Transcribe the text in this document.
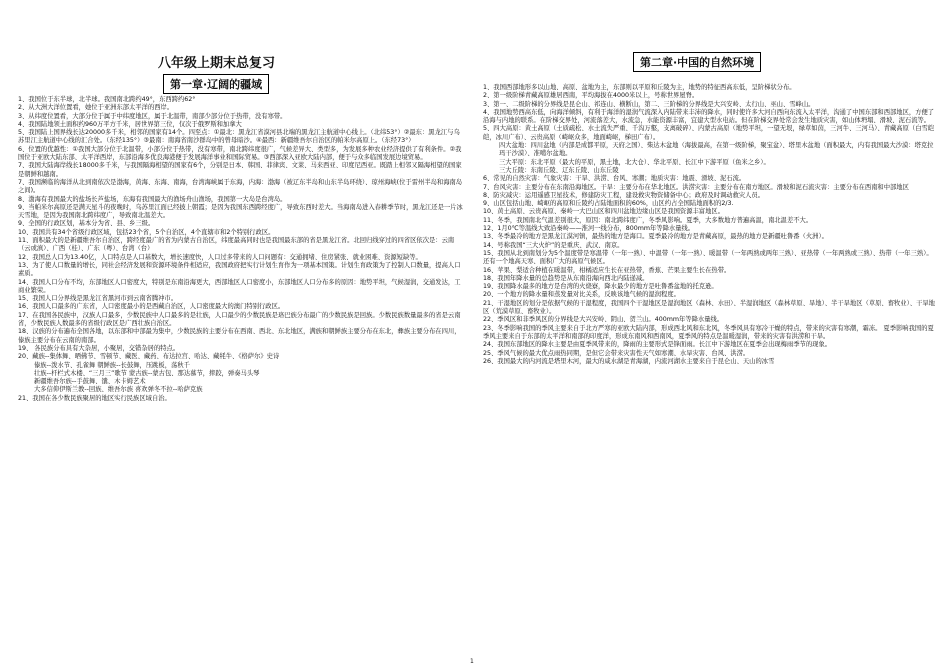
八年级上期末总复习
第一章·辽阔的疆域

1、我国位于东半球，北半球。我国南北跨约49°，东西跨约62°

2、从大洲大洋位置看，她位于亚洲东部太平洋的西岸。

3、从纬度位置看，大部分位于属于中纬度地区，属于北温带，南部少部分位于热带，没有寒带。

4、我国陆地领土面积约960万平方千米，居世界第三位，仅次于俄罗斯和加拿大

5、我国陆上国界线长达20000多千米，相邻的国家有14个。四至点：①最北：黑龙江省漠河县北端的黑龙江主航道中心线上。（北纬53°）②最东：黑龙江与乌苏里江主航道中心线的汇合处。（东经135°）③最南：南海省南沙群岛中的曾母暗沙。④最西：新疆维吾尔自治区的帕米尔高原上。（东经73°）

6、位置的优越性：①我国大部分位于北温带，小部分位于热带，没有寒带，南北跨纬度很广，气候差异大、类型多，为发展多种农业经济提供了有利条件。②我国位于亚欧大陆东部、太平洋西岸，东部沿海多优良海港便于发展海洋事业和国际贸易。③西部深入亚欧大陆内部，便于与众多临国发展边境贸易。

7、我国大陆海岸线长18000多千米，与我国隔海相望的国家有6个，分别是日本、韩国、菲律宾、文莱、马来西亚、印度尼西亚。既踏上相邻又隔海相望的国家是朝鲜和越南。

7、我国濒临的海洋从北到南依次是渤海，黄海、东海、南海，台湾海峡属于东海，内海：渤海（被辽东半岛和山东半岛环绕）、琼州海峡(位于雷州半岛和海南岛之间)。

8、渤海有我国最大的盐场长芦盐场，东海有我国最大的渔场舟山渔场，我国第一大岛是台湾岛。

9、当帕米尔高原还是满天星斗的夜晚时，乌苏里江面已经披上朝霞；是因为我国东西跨经度广，导致东西时差大。当海南岛进入春耕季节时，黑龙江还是一片冰天雪地，是因为我国南北跨纬度广，导致南北温差大。

9、全国的行政区划，基本分为省、县、乡三级。

10、我国共有34个省级行政区域，包括23个省，5个自治区，4个直辖市和2个特别行政区。

11、面积最大的是新疆维吾尔自治区，跨经度最广的省为内蒙古自治区，纬度最高同时也是我国最东部的省是黑龙江省。北回归线穿过的四省区依次是：云南（云或滇）、广西（桂）、广东（粤）、台湾（台）

12、我国总人口为13.40亿，人口特点是人口基数大，增长速度快，人口过多带来的人口问题有：交通拥堵、住房紧张、就业困难、资源短缺等。

13、为了使人口数量的增长，同社会经济发展和资源环境条件相适应，我国政府把实行计划生育作为一项基本国策。计划生育政策为了控制人口数量，提高人口素质。

14、我国人口分布不均，东部地区人口密度大，特别是东南沿海更大，西部地区人口密度小，东部地区人口分布多的原因：地势平坦，气候湿润，交通发达，工商业繁荣。

15、我国人口分界线是黑龙江省黑河市到云南省腾冲市。

16、我国人口最多的广东省，人口密度最小的是西藏自治区，人口密度最大的澳门特别行政区。

17、在我国各民族中，汉族人口最多，少数民族中人口最多的是壮族，人口最少的少数民族是珞巴族分布最广的少数民族是回族。少数民族数量最多的省是云南省，少数民族人数最多的省级行政区是广西壮族自治区。

18、汉族的分布遍布全国各地，以东部和中部最为集中，少数民族的主要分布在西南、西北、东北地区，满族和朝鲜族主要分布在东北，彝族主要分布在四川，傣族主要分布在云南的南部。

19、 各民族分布具有大杂居，小聚居，交错杂居的特点。

20、藏族--集体舞、晒佛节、雪顿节、藏医、藏药、布达拉宫、哈达、藏牦牛、《格萨尔》史诗

傣族--泼水节、孔雀舞 朝鲜族--长鼓舞，压跳板，荡秋千

壮族--杆栏式木楼、“三月三”歌节 蒙古族--蒙古包、那达慕节，摔跤，弹奏马头琴

新疆维吾尔族--手鼓舞、馕、木卡姆艺术

大多信仰伊斯兰教--回族、维吾尔族 喜欢弹冬不拉--哈萨克族

21、我国在各少数民族聚居的地区实行民族区域自治。

第二章·中国的自然环境

1、我国西部地形多以山地、高原、盆地为主，东部则以平原和丘陵为主，地势的特征西高东低，呈阶梯状分布。

2、第一级阶梯青藏高原雄居西南，平均海拔在4000米以上，号称世界屋脊。

3、第一、二级阶梯的分界线是昆仑山、祁连山、横断山，第二、三阶梯的分界线是大兴安岭、太行山、巫山、雪峰山。

4、我国地势西高东低，向海洋倾斜，有利于海洋的湿润气流深入内陆带来丰沛的降水，同时使许多大河自西向东流入太平洋，沟通了中国东部和西部地区，方便了沿海与内地的联系。在阶梯交界处，河流落差大，水流急，水能资源丰富，宜建大型水电站。但在阶梯交界处常会发生地质灾害，如山体坍塌、滑坡、泥石流等。

5、四大高原：黄土高原（土质疏松、水土流失严重、千沟万壑，支离破碎）、内蒙古高原（地势平坦，一望无垠，绿草如茵，三河牛、三河马）、青藏高原（白雪皑皑，冰川广布）、云贵高原（崎岖众多，地面崎岖，梯田广布）。

四大盆地：四川盆地（内部是成都平原，天府之国）、柴达木盆地（海拔最高，在第一级阶梯，聚宝盆）、塔里木盆地（面积最大，内有我国最大沙漠：塔克拉玛干沙漠）、准噶尔盆地。

三大平原：东北平原（最大的平原，黑土地，北大仓）、华北平原、长江中下游平原（鱼米之乡）。

三大丘陵：东南丘陵、辽东丘陵、山东丘陵

6、常见的自然灾害：气象灾害：干旱、洪涝、台风、寒潮；地质灾害：地震、滑坡、泥石流。

7、台风灾害：主要分布在东南沿海地区。干旱：主要分布在华北地区。洪涝灾害：主要分布在南方地区。滑坡和泥石流灾害：主要分布在西南和中部地区

8、防灾减灾：运用遥感卫星技术，修建防灾工程，建设救灾物资储备中心；政府及时调动救灾人员。

9、山区包括山地、崎岖的高原和丘陵约占陆地面积的60%，山区约占全国陆地面积的2/3.

10、黄土高原、云贵高原、秦岭一大巴山区和四川盆地边缘山区是我国资源丰富地区。

11、冬季，我国南北气温差别很大，原因：南北跨纬度广，冬季风影响。夏季，大多数地方普遍高温，南北温差不大。

12、1月0℃等温线大致沿秦岭——淮河一线分布，800mm年等降水量线。

13、冬季最冷的地方是黑龙江漠河镇，最热的地方是海口。夏季最冷的地方是青藏高原，最热的地方是新疆吐鲁番（火洲）。

14、号称我国“三大火炉”的是重庆、武汉、南京。

15、我国从北到南划分为5个温度带是寒温带（一年一熟）、中温带（一年一熟）、暖温带（一年两熟或两年三熟）、亚热带（一年两熟或三熟）、热带（一年三熟）。还有一个地高天寒、面积广大的高原气候区。

16、苹果、梨适合种植在暖温带，柑橘适应生长在亚热带，香蕉、芒果主要生长在热带。

18、我国年降水量的总趋势是从东南沿海向西北内陆递减。

19、我国降水最多的地方是台湾的火烧寮，降水最少的地方是吐鲁番盆地的托克逊。

20、一个地方的降水量和蒸发量对比关系，反映该地气候的湿润程度。

21、干湿地区的划分是依据气候的干湿程度，我国四个干湿地区是湿润地区（森林、水田）、半湿润地区（森林草原、旱地）、半干旱地区（草原、畜牧业）、干旱地区（荒漠草原、畜牧业）。

22、季风区和非季风区的分界线是大兴安岭、阴山、贺兰山。400mm年等降水量线。

23、冬季影响我国的季风主要来自于北方严寒的亚欧大陆内部，形成西北风和东北风，冬季风具有寒冷干燥的特点，带来的灾害有寒潮，霜冻。 夏季影响我国的夏季风主要来自于东部的太平洋和南部的印度洋，形成东南风和西南风，夏季风的特点是温暖湿润，带来的灾害有洪涝和干旱。

24、我国东部地区的降水主要是由夏季风带来的，降雨的主要形式是锋面雨。长江中下游地区在夏季会出现梅雨季节的现象。

25、季风气候的最大优点雨热同期，是但它会带来灾害性天气如寒潮、水旱灾害、台风、洪涝。

26、我国最大的内河流是塔里木河，最大的咸水湖是青海湖，内流河湖水主要来自于昆仑山、天山的冰雪

1
